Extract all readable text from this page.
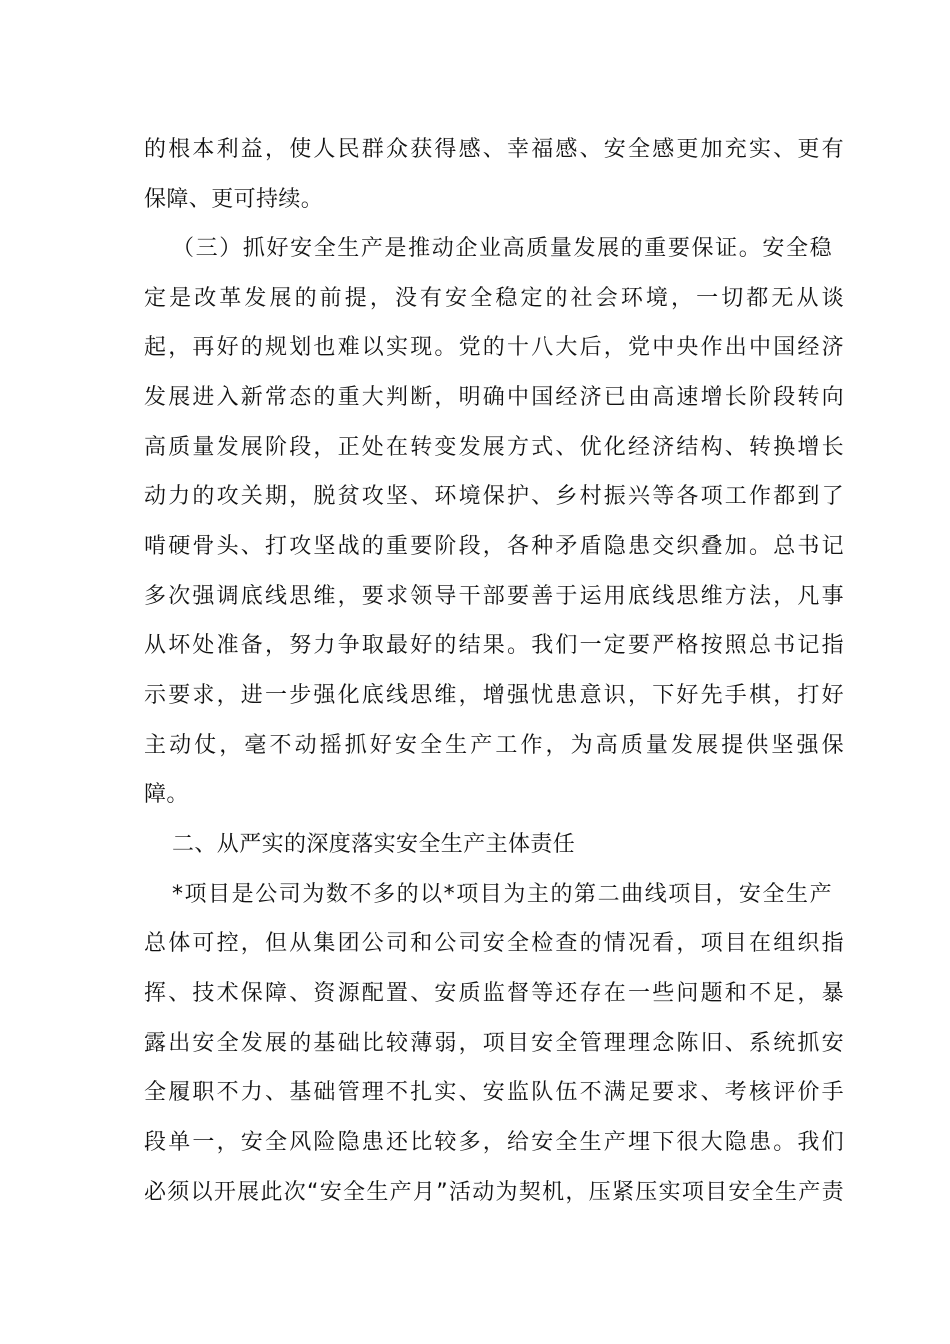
的根本利益，使人民群众获得感、幸福感、安全感更加充实、更有
保障、更可持续。
（三）抓好安全生产是推动企业高质量发展的重要保证。安全稳
定是改革发展的前提，没有安全稳定的社会环境，一切都无从谈
起，再好的规划也难以实现。党的十八大后，党中央作出中国经济
发展进入新常态的重大判断，明确中国经济已由高速增长阶段转向
高质量发展阶段，正处在转变发展方式、优化经济结构、转换增长
动力的攻关期，脱贫攻坚、环境保护、乡村振兴等各项工作都到了
啃硬骨头、打攻坚战的重要阶段，各种矛盾隐患交织叠加。总书记
多次强调底线思维，要求领导干部要善于运用底线思维方法，凡事
从坏处准备，努力争取最好的结果。我们一定要严格按照总书记指
示要求，进一步强化底线思维，增强忧患意识，下好先手棋，打好
主动仗，毫不动摇抓好安全生产工作，为高质量发展提供坚强保
障。
二、从严实的深度落实安全生产主体责任
*项目是公司为数不多的以*项目为主的第二曲线项目，安全生产
总体可控，但从集团公司和公司安全检查的情况看，项目在组织指
挥、技术保障、资源配置、安质监督等还存在一些问题和不足，暴
露出安全发展的基础比较薄弱，项目安全管理理念陈旧、系统抓安
全履职不力、基础管理不扎实、安监队伍不满足要求、考核评价手
段单一，安全风险隐患还比较多，给安全生产埋下很大隐患。我们
必须以开展此次“安全生产月”活动为契机，压紧压实项目安全生产责
